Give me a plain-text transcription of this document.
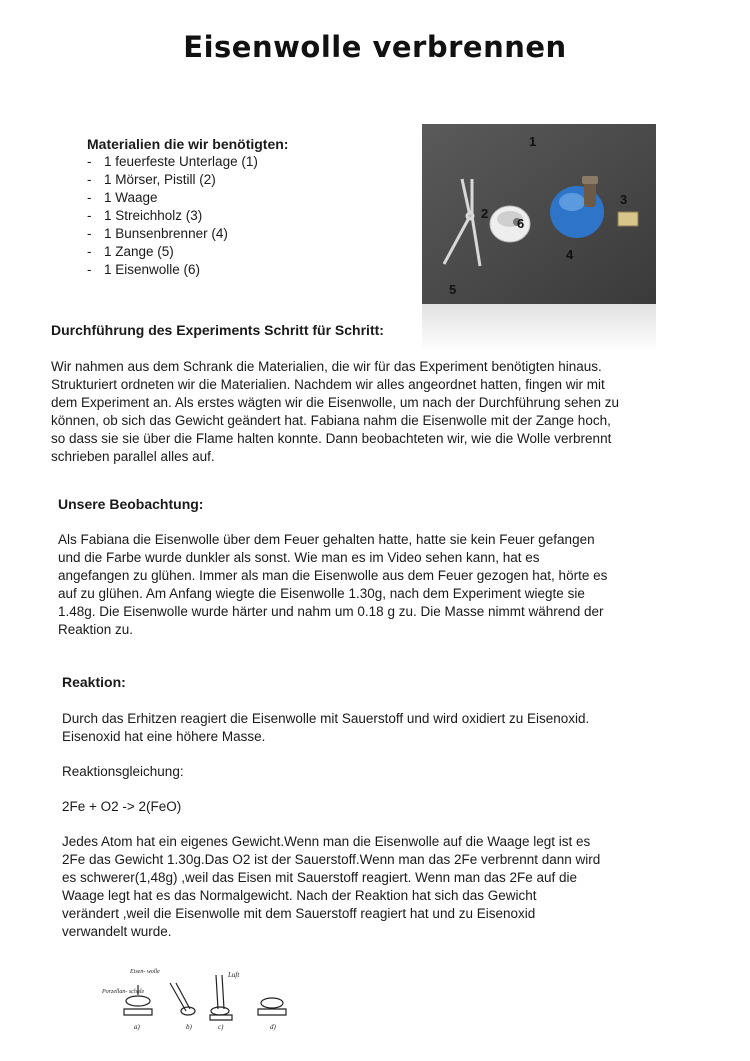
Eisenwolle verbrennen
Materialien die wir benötigten:
- 1 feuerfeste Unterlage (1)
- 1 Mörser, Pistill (2)
- 1 Waage
- 1 Streichholz (3)
- 1 Bunsenbrenner (4)
- 1 Zange (5)
- 1 Eisenwolle (6)
1
2
6
3
4
5
Durchführung des Experiments Schritt für Schritt:

Wir nahmen aus dem Schrank die Materialien, die wir für das Experiment benötigten hinaus.
Strukturiert ordneten wir die Materialien. Nachdem wir alles angeordnet hatten, fingen wir mit
dem Experiment an. Als erstes wägten wir die Eisenwolle, um nach der Durchführung sehen zu
können, ob sich das Gewicht geändert hat. Fabiana nahm die Eisenwolle mit der Zange hoch,
so dass sie sie über die Flame halten konnte. Dann beobachteten wir, wie die Wolle verbrennt
schrieben parallel alles auf.

Unsere Beobachtung:

Als Fabiana die Eisenwolle über dem Feuer gehalten hatte, hatte sie kein Feuer gefangen
und die Farbe wurde dunkler als sonst. Wie man es im Video sehen kann, hat es
angefangen zu glühen. Immer als man die Eisenwolle aus dem Feuer gezogen hat, hörte es
auf zu glühen. Am Anfang wiegte die Eisenwolle 1.30g, nach dem Experiment wiegte sie
1.48g. Die Eisenwolle wurde härter und nahm um 0.18 g zu. Die Masse nimmt während der
Reaktion zu.

Reaktion:

Durch das Erhitzen reagiert die Eisenwolle mit Sauerstoff und wird oxidiert zu Eisenoxid.
Eisenoxid hat eine höhere Masse.

Reaktionsgleichung:

2Fe + O2 -> 2(FeO)

Jedes Atom hat ein eigenes Gewicht.Wenn man die Eisenwolle auf die Waage legt ist es
2Fe das Gewicht 1.30g.Das O2 ist der Sauerstoff.Wenn man das 2Fe verbrennt dann wird
es schwerer(1,48g) ,weil das Eisen mit Sauerstoff reagiert. Wenn man das 2Fe auf die
Waage legt hat es das Normalgewicht. Nach der Reaktion hat sich das Gewicht
verändert ,weil die Eisenwolle mit dem Sauerstoff reagiert hat und zu Eisenoxid
verwandelt wurde.

Eisen- wolle
Porzellan- schale
Luft
a)	b)	c)	d)
